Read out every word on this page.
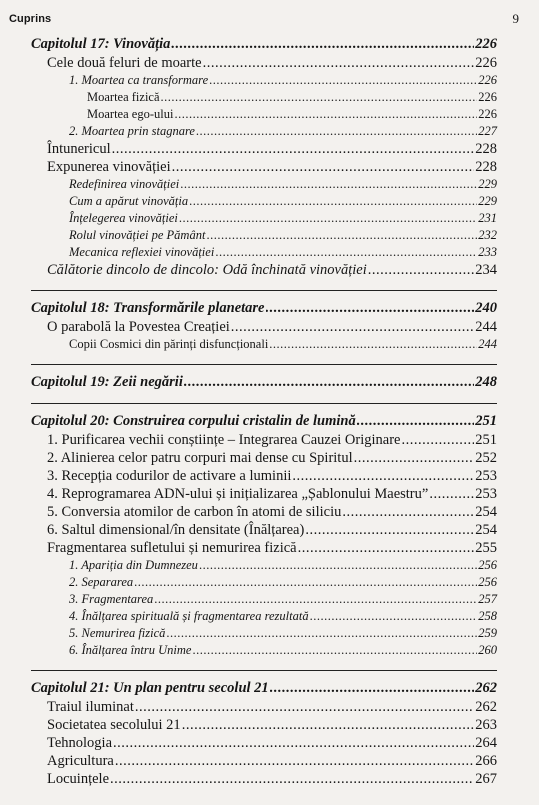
Cuprins	9
Capitolul 17: Vinovăția .....	226
Cele două feluri de moarte .....	226
1. Moartea ca transformare .....	226
Moartea fizică .....	226
Moartea ego-ului .....	226
2. Moartea prin stagnare .....	227
Întunericul .....	228
Expunerea vinovăției .....	228
Redefinirea vinovăției .....	229
Cum a apărut vinovăția .....	229
Înțelegerea vinovăției .....	231
Rolul vinovăției pe Pământ .....	232
Mecanica reflexiei vinovăției .....	233
Călătorie dincolo de dincolo: Odă închinată vinovăției .....	234
Capitolul 18: Transformările planetare .....	240
O parabolă la Povestea Creației .....	244
Copii Cosmici din părinți disfuncționali .....	244
Capitolul 19: Zeii negării .....	248
Capitolul 20: Construirea corpului cristalin de lumină .....	251
1. Purificarea vechii conștiințe – Integrarea Cauzei Originare .....	251
2. Alinierea celor patru corpuri mai dense cu Spiritul .....	252
3. Recepția codurilor de activare a luminii .....	253
4. Reprogramarea ADN-ului și inițializarea „Șablonului Maestru” .....	253
5. Conversia atomilor de carbon în atomi de siliciu .....	254
6. Saltul dimensional/în densitate (Înălțarea) .....	254
Fragmentarea sufletului și nemurirea fizică .....	255
1. Apariția din Dumnezeu .....	256
2. Separarea .....	256
3. Fragmentarea .....	257
4. Înălțarea spirituală și fragmentarea rezultată .....	258
5. Nemurirea fizică .....	259
6. Înălțarea întru Unime .....	260
Capitolul 21: Un plan pentru secolul 21 .....	262
Traiul iluminat .....	262
Societatea secolului 21 .....	263
Tehnologia .....	264
Agricultura .....	266
Locuințele .....	267
